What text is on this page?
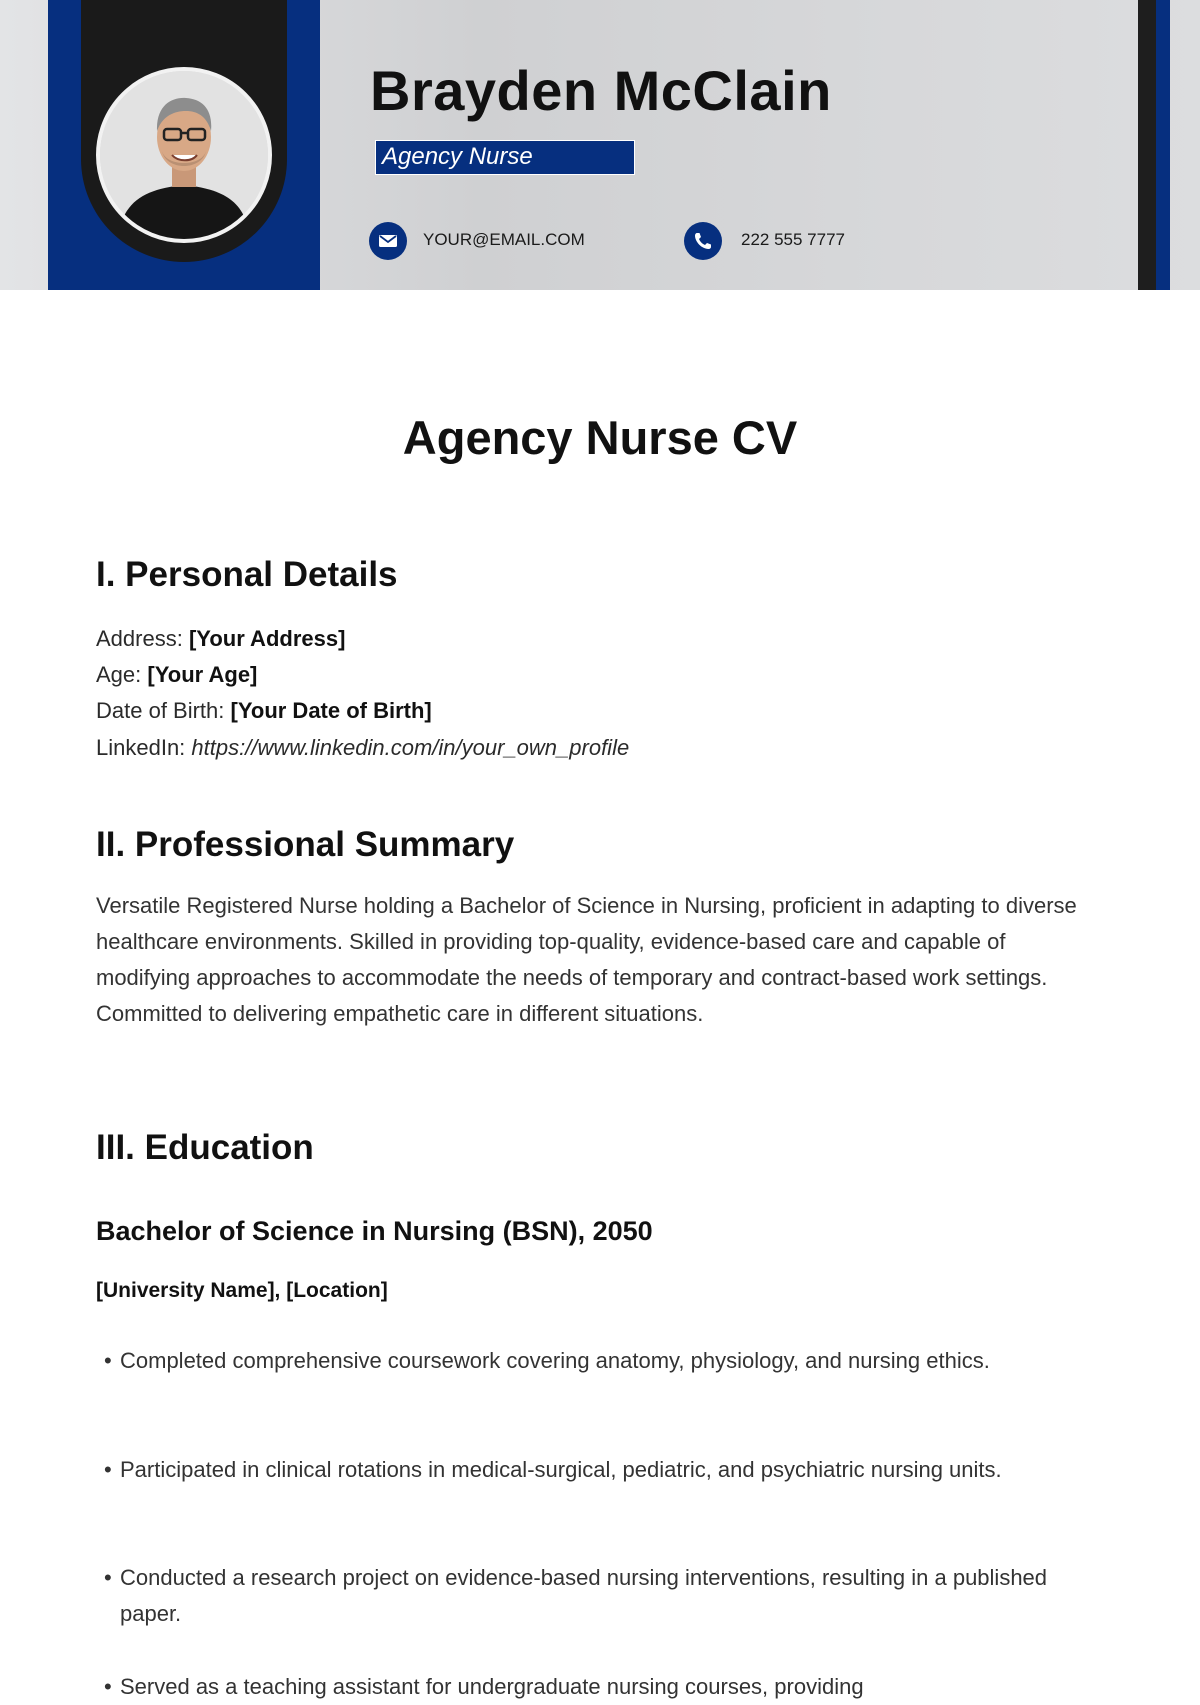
Brayden McClain
Agency Nurse
YOUR@EMAIL.COM	222 555 7777
Agency Nurse CV
I. Personal Details
Address: [Your Address]
Age: [Your Age]
Date of Birth: [Your Date of Birth]
LinkedIn: https://www.linkedin.com/in/your_own_profile
II. Professional Summary

Versatile Registered Nurse holding a Bachelor of Science in Nursing, proficient in adapting to diverse healthcare environments. Skilled in providing top-quality, evidence-based care and capable of modifying approaches to accommodate the needs of temporary and contract-based work settings. Committed to delivering empathetic care in different situations.

III. Education
Bachelor of Science in Nursing (BSN), 2050
[University Name], [Location]
• Completed comprehensive coursework covering anatomy, physiology, and nursing ethics.
• Participated in clinical rotations in medical-surgical, pediatric, and psychiatric nursing units.
• Conducted a research project on evidence-based nursing interventions, resulting in a published paper.
• Served as a teaching assistant for undergraduate nursing courses, providing
